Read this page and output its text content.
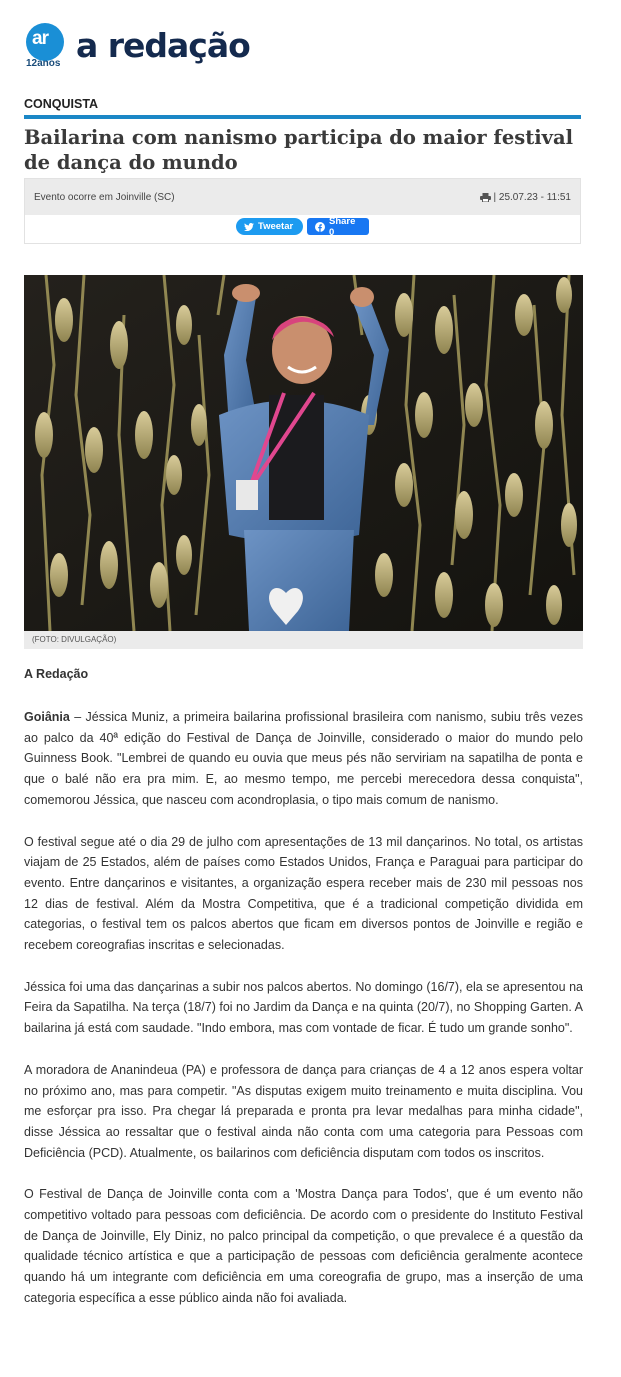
ar
12anos a redação
CONQUISTA
Bailarina com nanismo participa do maior festival de dança do mundo
Evento ocorre em Joinville (SC)	| 25.07.23 - 11:51
Tweetar	Share 0
(FOTO: DIVULGAÇÃO)
A Redação

Goiânia – Jéssica Muniz, a primeira bailarina profissional brasileira com nanismo, subiu três vezes ao palco da 40ª edição do Festival de Dança de Joinville, considerado o maior do mundo pelo Guinness Book. "Lembrei de quando eu ouvia que meus pés não serviriam na sapatilha de ponta e que o balé não era pra mim. E, ao mesmo tempo, me percebi merecedora dessa conquista", comemorou Jéssica, que nasceu com acondroplasia, o tipo mais comum de nanismo.

O festival segue até o dia 29 de julho com apresentações de 13 mil dançarinos. No total, os artistas viajam de 25 Estados, além de países como Estados Unidos, França e Paraguai para participar do evento. Entre dançarinos e visitantes, a organização espera receber mais de 230 mil pessoas nos 12 dias de festival. Além da Mostra Competitiva, que é a tradicional competição dividida em categorias, o festival tem os palcos abertos que ficam em diversos pontos de Joinville e região e recebem coreografias inscritas e selecionadas.

Jéssica foi uma das dançarinas a subir nos palcos abertos. No domingo (16/7), ela se apresentou na Feira da Sapatilha. Na terça (18/7) foi no Jardim da Dança e na quinta (20/7), no Shopping Garten. A bailarina já está com saudade. "Indo embora, mas com vontade de ficar. É tudo um grande sonho".

A moradora de Ananindeua (PA) e professora de dança para crianças de 4 a 12 anos espera voltar no próximo ano, mas para competir. "As disputas exigem muito treinamento e muita disciplina. Vou me esforçar pra isso. Pra chegar lá preparada e pronta pra levar medalhas para minha cidade", disse Jéssica ao ressaltar que o festival ainda não conta com uma categoria para Pessoas com Deficiência (PCD). Atualmente, os bailarinos com deficiência disputam com todos os inscritos.

O Festival de Dança de Joinville conta com a 'Mostra Dança para Todos', que é um evento não competitivo voltado para pessoas com deficiência. De acordo com o presidente do Instituto Festival de Dança de Joinville, Ely Diniz, no palco principal da competição, o que prevalece é a questão da qualidade técnico artística e que a participação de pessoas com deficiência geralmente acontece quando há um integrante com deficiência em uma coreografia de grupo, mas a inserção de uma categoria específica a esse público ainda não foi avaliada.
